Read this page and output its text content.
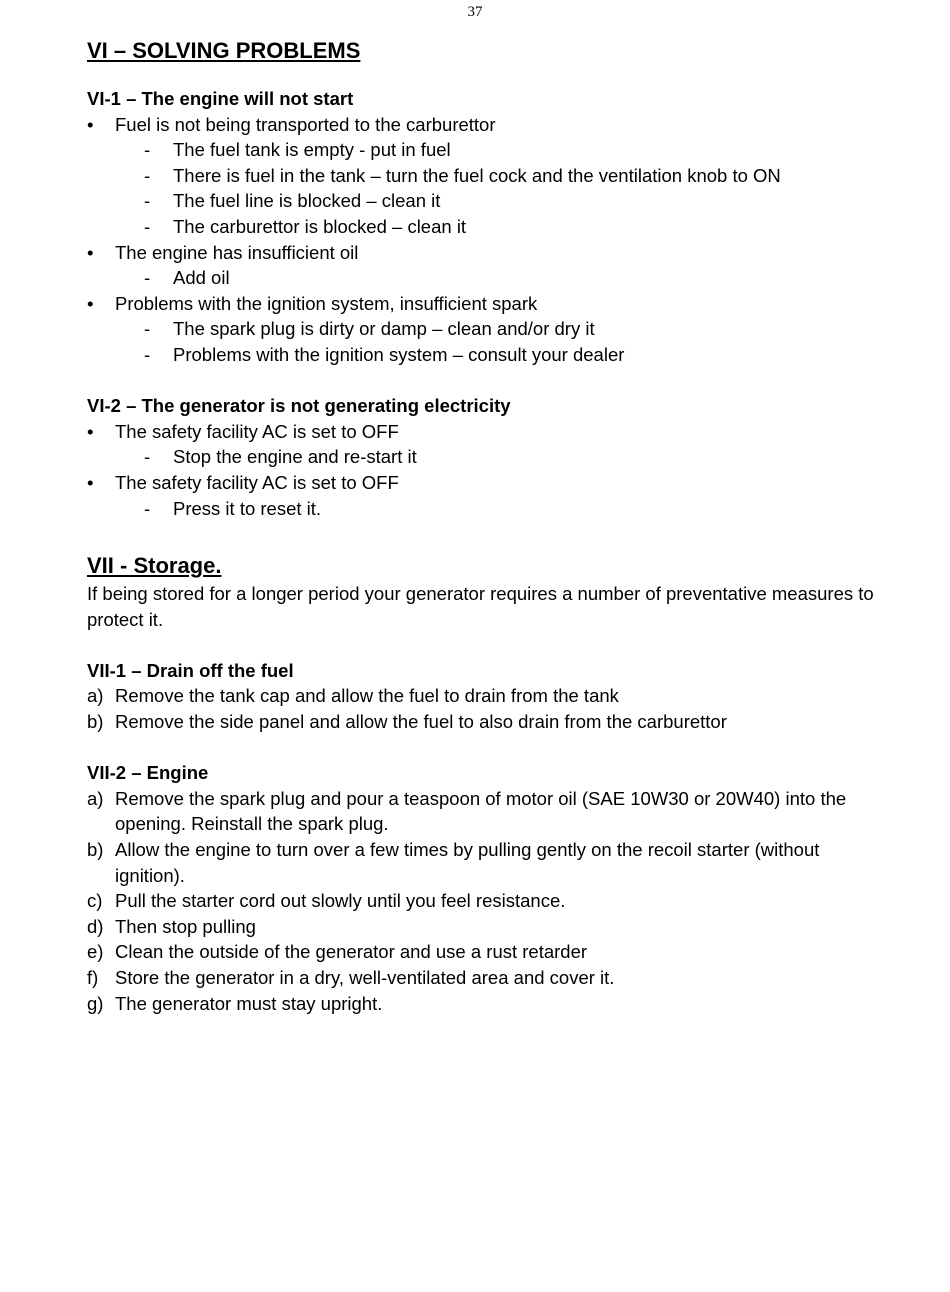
37
VI – SOLVING PROBLEMS
VI-1 – The engine will not start
•	Fuel is not being transported to the carburettor
- The fuel tank is empty - put in fuel
- There is fuel in the tank – turn the fuel cock and the ventilation knob to ON
- The fuel line is blocked – clean it
- The carburettor is blocked – clean it
•	The engine has insufficient oil
- Add oil
•	Problems with the ignition system, insufficient spark
- The spark plug is dirty or damp – clean and/or dry it
- Problems with the ignition system – consult your dealer
VI-2 – The generator is not generating electricity
•	The safety facility AC is set to OFF
- Stop the engine and re-start it
•	The safety facility AC is set to OFF
- Press it to reset it.
VII - Storage.

If being stored for a longer period your generator requires a number of preventative measures to protect it.

VII-1 – Drain off the fuel
a) Remove the tank cap and allow the fuel to drain from the tank
b) Remove the side panel and allow the fuel to also drain from the carburettor
VII-2 – Engine
a) Remove the spark plug and pour a teaspoon of motor oil (SAE 10W30 or 20W40) into the opening. Reinstall the spark plug.
b) Allow the engine to turn over a few times by pulling gently on the recoil starter (without ignition).
c) Pull the starter cord out slowly until you feel resistance.
d) Then stop pulling
e) Clean the outside of the generator and use a rust retarder
f) Store the generator in a dry, well-ventilated area and cover it.
g) The generator must stay upright.
